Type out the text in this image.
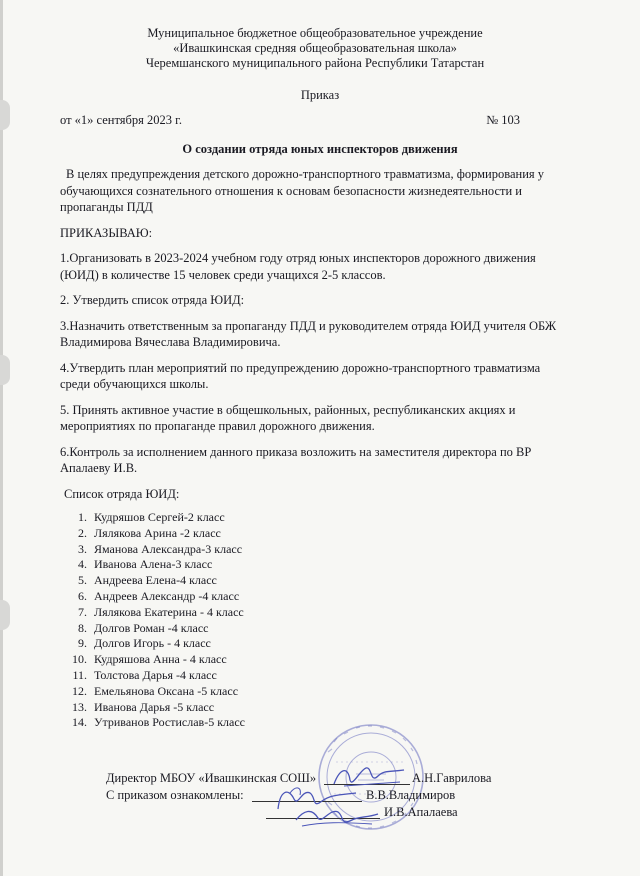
Муниципальное бюджетное общеобразовательное учреждение
«Ивашкинская средняя общеобразовательная школа»
Черемшанского муниципального района Республики Татарстан
Приказ
от «1» сентября 2023 г.	№ 103
О создании отряда юных инспекторов движения

В целях предупреждения детского дорожно-транспортного травматизма, формирования у обучающихся сознательного отношения к основам безопасности жизнедеятельности и пропаганды ПДД

ПРИКАЗЫВАЮ:

1.Организовать в 2023-2024 учебном году отряд юных инспекторов дорожного движения (ЮИД) в количестве 15 человек среди учащихся 2-5 классов.

2. Утвердить список отряда ЮИД:

3.Назначить ответственным за пропаганду ПДД и руководителем отряда ЮИД учителя ОБЖ Владимирова Вячеслава Владимировича.

4.Утвердить план мероприятий по предупреждению дорожно-транспортного травматизма среди обучающихся школы.

5. Принять активное участие в общешкольных, районных, республиканских акциях и мероприятиях по пропаганде правил дорожного движения.

6.Контроль за исполнением данного приказа возложить на заместителя директора по ВР Апалаеву И.В.

Список отряда ЮИД:
1. Кудряшов Сергей-2 класс
2. Лялякова Арина -2 класс
3. Яманова Александра-3 класс
4. Иванова Алена-3 класс
5. Андреева Елена-4 класс
6. Андреев Александр -4 класс
7. Лялякова Екатерина - 4 класс
8. Долгов Роман -4 класс
9. Долгов Игорь - 4 класс
10. Кудряшова Анна - 4 класс
11. Толстова Дарья -4 класс
12. Емельянова Оксана -5 класс
13. Иванова Дарья -5 класс
14. Утриванов Ростислав-5 класс
Директор МБОУ «Ивашкинская СОШ»	А.Н.Гаврилова
С приказом ознакомлены:	В.В.Владимиров
И.В.Апалаева
